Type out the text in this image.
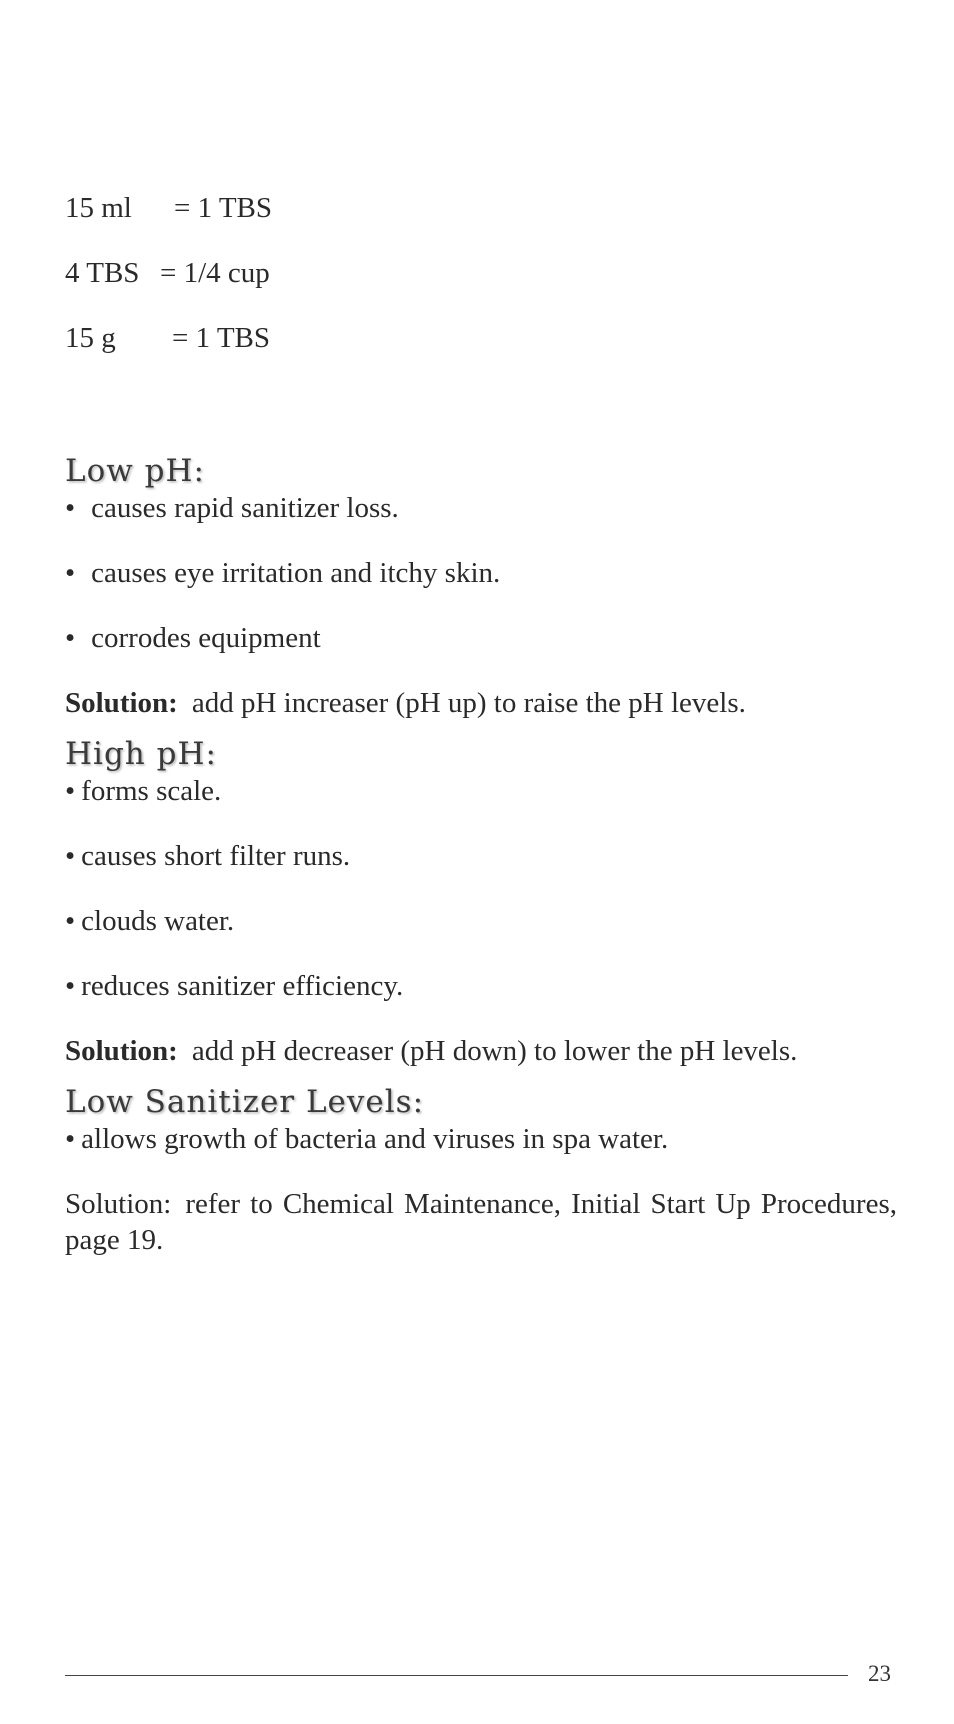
15 ml	= 1 TBS
4 TBS = 1/4 cup
15 g	= 1 TBS
Low pH:
• causes rapid sanitizer loss.
• causes eye irritation and itchy skin.
• corrodes equipment

Solution: add pH increaser (pH up) to raise the pH levels.

High pH:
• forms scale.
• causes short filter runs.
• clouds water.
• reduces sanitizer efficiency.

Solution: add pH decreaser (pH down) to lower the pH levels.

Low Sanitizer Levels:
• allows growth of bacteria and viruses in spa water.

Solution: refer to Chemical Maintenance, Initial Start Up Procedures, page 19.

23
